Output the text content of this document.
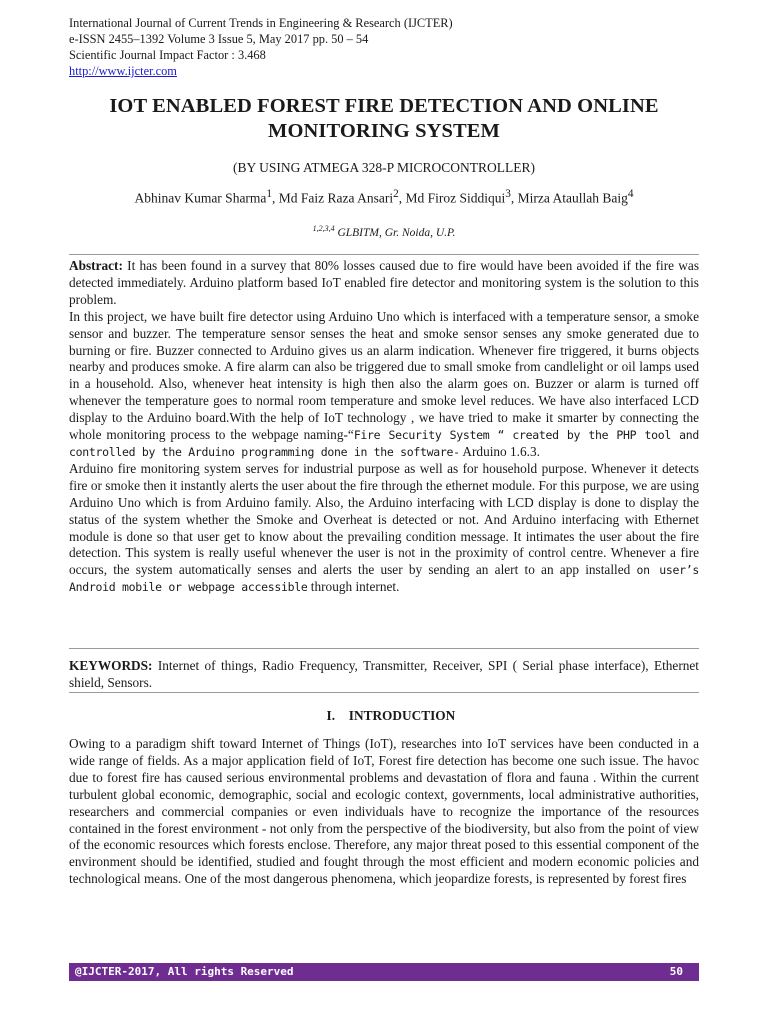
International Journal of Current Trends in Engineering & Research (IJCTER)
e-ISSN 2455–1392 Volume 3 Issue 5, May 2017 pp. 50 – 54
Scientific Journal Impact Factor : 3.468
http://www.ijcter.com
IOT ENABLED FOREST FIRE DETECTION AND ONLINE
MONITORING SYSTEM
(BY USING ATMEGA 328-P MICROCONTROLLER)
Abhinav Kumar Sharma$^1$, Md Faiz Raza Ansari$^2$, Md Firoz Siddiqui$^3$, Mirza Ataullah Baig$^4$
$^{1,2,3,4}$ GLBITM, Gr. Noida, U.P.

Abstract: It has been found in a survey that 80% losses caused due to fire would have been avoided if the fire was detected immediately. Arduino platform based IoT enabled fire detector and monitoring system is the solution to this problem.

In this project, we have built fire detector using Arduino Uno which is interfaced with a temperature sensor, a smoke sensor and buzzer. The temperature sensor senses the heat and smoke sensor senses any smoke generated due to burning or fire. Buzzer connected to Arduino gives us an alarm indication. Whenever fire triggered, it burns objects nearby and produces smoke. A fire alarm can also be triggered due to small smoke from candlelight or oil lamps used in a household. Also, whenever heat intensity is high then also the alarm goes on. Buzzer or alarm is turned off whenever the temperature goes to normal room temperature and smoke level reduces. We have also interfaced LCD display to the Arduino board.With the help of IoT technology , we have tried to make it smarter by connecting the whole monitoring process to the webpage naming-“Fire Security System “ created by the PHP tool and controlled by the Arduino programming done in the software- Arduino 1.6.3.

Arduino fire monitoring system serves for industrial purpose as well as for household purpose. Whenever it detects fire or smoke then it instantly alerts the user about the fire through the ethernet module. For this purpose, we are using Arduino Uno which is from Arduino family. Also, the Arduino interfacing with LCD display is done to display the status of the system whether the Smoke and Overheat is detected or not. And Arduino interfacing with Ethernet module is done so that user get to know about the prevailing condition message. It intimates the user about the fire detection. This system is really useful whenever the user is not in the proximity of control centre. Whenever a fire occurs, the system automatically senses and alerts the user by sending an alert to an app installed on user’s Android mobile or webpage accessible through internet.

KEYWORDS: Internet of things, Radio Frequency, Transmitter, Receiver, SPI ( Serial phase interface), Ethernet shield, Sensors.
I. INTRODUCTION

Owing to a paradigm shift toward Internet of Things (IoT), researches into IoT services have been conducted in a wide range of fields. As a major application field of IoT, Forest fire detection has become one such issue. The havoc due to forest fire has caused serious environmental problems and devastation of flora and fauna . Within the current turbulent global economic, demographic, social and ecologic context, governments, local administrative authorities, researchers and commercial companies or even individuals have to recognize the importance of the resources contained in the forest environment - not only from the perspective of the biodiversity, but also from the point of view of the economic resources which forests enclose. Therefore, any major threat posed to this essential component of the environment should be identified, studied and fought through the most efficient and modern economic policies and technological means. One of the most dangerous phenomena, which jeopardize forests, is represented by forest fires

@IJCTER-2017, All rights Reserved	50
